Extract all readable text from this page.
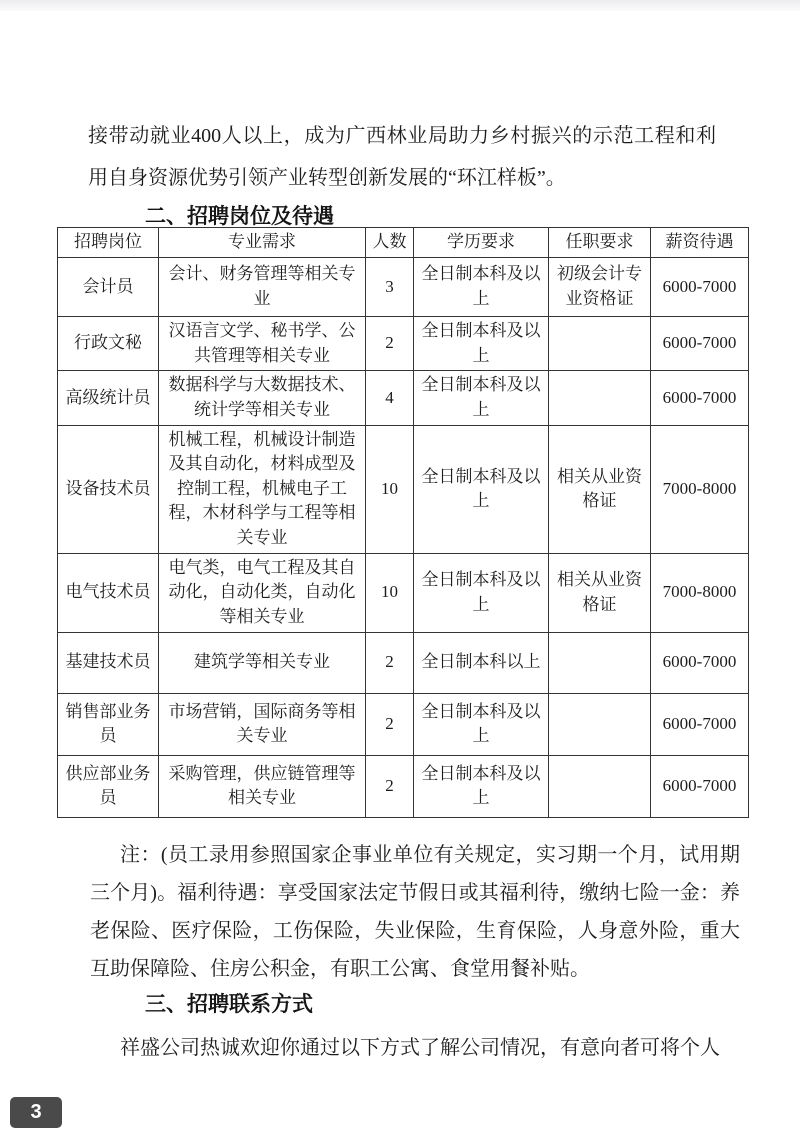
接带动就业400人以上，成为广西林业局助力乡村振兴的示范工程和利用自身资源优势引领产业转型创新发展的“环江样板”。

二、招聘岗位及待遇
招聘岗位	专业需求	人数	学历要求	任职要求	薪资待遇
会计员	会计、财务管理等相关专业	3	全日制本科及以上	初级会计专业资格证	6000-7000
行政文秘	汉语言文学、秘书学、公共管理等相关专业	2	全日制本科及以上		6000-7000
高级统计员	数据科学与大数据技术、统计学等相关专业	4	全日制本科及以上		6000-7000
设备技术员	机械工程，机械设计制造及其自动化，材料成型及控制工程，机械电子工程，木材科学与工程等相关专业	10	全日制本科及以上	相关从业资格证	7000-8000
电气技术员	电气类，电气工程及其自动化，自动化类，自动化等相关专业	10	全日制本科及以上	相关从业资格证	7000-8000
基建技术员	建筑学等相关专业	2	全日制本科以上		6000-7000
销售部业务员	市场营销，国际商务等相关专业	2	全日制本科及以上		6000-7000
供应部业务员	采购管理，供应链管理等相关专业	2	全日制本科及以上		6000-7000

注：(员工录用参照国家企事业单位有关规定，实习期一个月，试用期三个月)。福利待遇：享受国家法定节假日或其福利待，缴纳七险一金：养老保险、医疗保险，工伤保险，失业保险，生育保险，人身意外险，重大互助保障险、住房公积金，有职工公寓、食堂用餐补贴。

三、招聘联系方式

祥盛公司热诚欢迎你通过以下方式了解公司情况，有意向者可将个人

3
